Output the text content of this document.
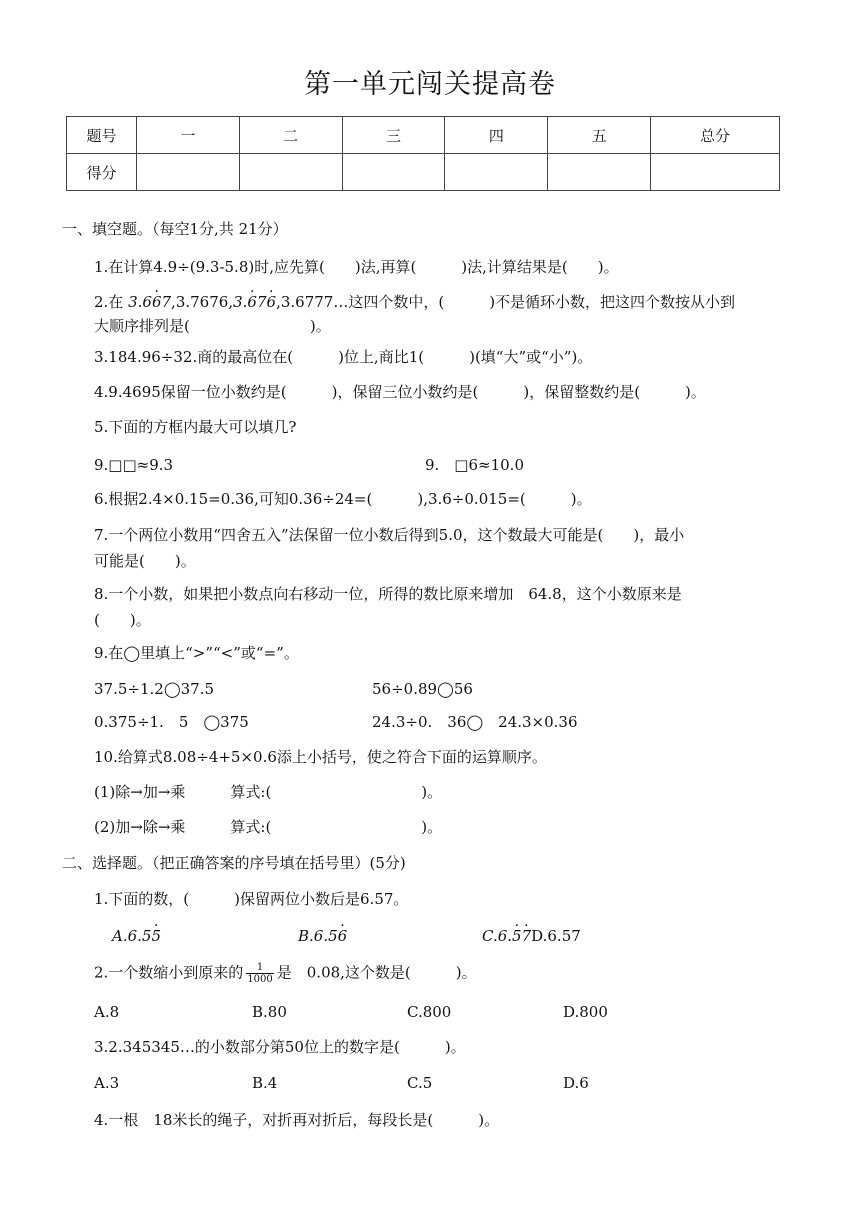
第一单元闯关提高卷
题号	一	二	三	四	五	总分
得分						
一、填空题。（每空1分,共 21分）
1.在计算4.9÷(9.3-5.8)时,应先算(　　)法,再算(　　　)法,计算结果是(　　)。
2.在 3.66 ·7,3.7676,3.6 ·76 ·,3.6777…这四个数中，(　　　)不是循环小数，把这四个数按从小到
大顺序排列是(　　　　　　　　)。
3.184.96÷32.商的最高位在(　　　)位上,商比1(　　　)(填“大”或“小”)。
4.9.4695保留一位小数约是(　　　)，保留三位小数约是(　　　)，保留整数约是(　　　)。
5.下面的方框内最大可以填几?
9.□□≈9.3	9.　□6≈10.0
6.根据2.4×0.15=0.36,可知0.36÷24=(　　　),3.6÷0.015=(　　　)。
7.一个两位小数用“四舍五入”法保留一位小数后得到5.0，这个数最大可能是(　　)，最小
可能是(　　)。
8.一个小数，如果把小数点向右移动一位，所得的数比原来增加　64.8，这个小数原来是
(　　)。
9.在◯里填上“>”“<”或“=”。
37.5÷1.2◯37.5	56÷0.89◯56
0.375÷1.　5　◯375	24.3÷0.　36◯　24.3×0.36
10.给算式8.08÷4+5×0.6添上小括号，使之符合下面的运算顺序。
(1)除→加→乘　　　算式:(　　　　　　　　　　)。
(2)加→除→乘　　　算式:(　　　　　　　　　　)。
二、选择题。（把正确答案的序号填在括号里）(5分)
1.下面的数，(　　　)保留两位小数后是6.57。
A.6.55 ·	B.6.56 ·	C.6.5 ·7 ·D.6.57
2.一个数缩小到原来的 $\frac{1}{1000}$ 是　0.08,这个数是(　　　)。
A.8	B.80	C.800	D.800
3.2.345345…的小数部分第50位上的数字是(　　　)。
A.3	B.4	C.5	D.6
4.一根　18米长的绳子，对折再对折后，每段长是(　　　)。
